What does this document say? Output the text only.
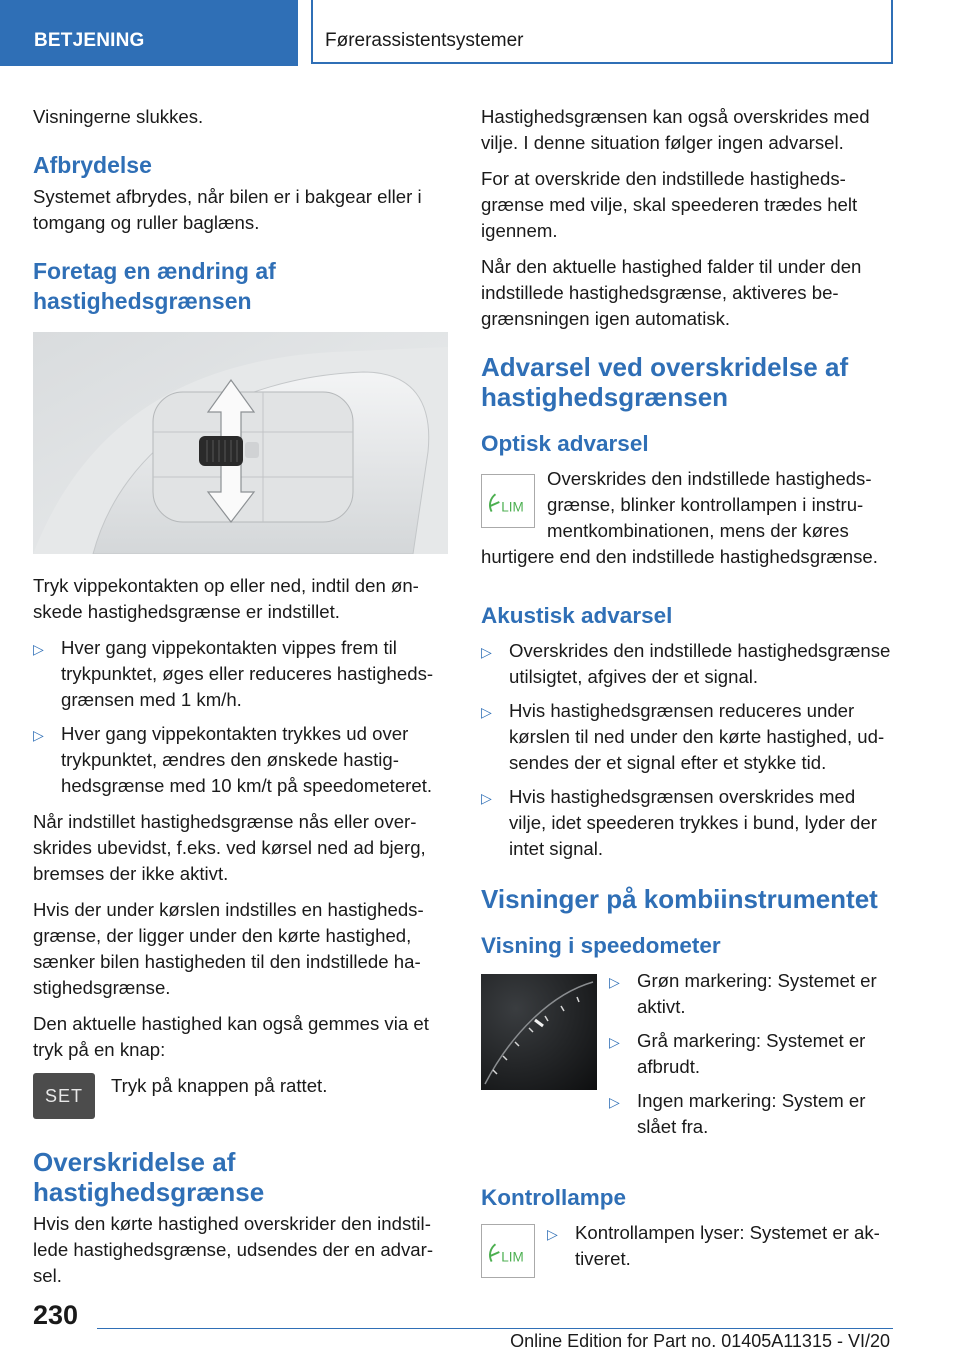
BETJENING	Førerassistentsystemer

Visningerne slukkes.

Afbrydelse

Systemet afbrydes, når bilen er i bakgear eller i tomgang og ruller baglæns.

Foretag en ændring af hastighedsgrænsen

Tryk vippekontakten op eller ned, indtil den ønskede hastighedsgrænse er indstillet.

▷ Hver gang vippekontakten vippes frem til trykpunktet, øges eller reduceres hastighedsgrænsen med 1 km/h.
▷ Hver gang vippekontakten trykkes ud over trykpunktet, ændres den ønskede hastighedsgrænse med 10 km/t på speedometeret.

Når indstillet hastighedsgrænse nås eller overskrides ubevidst, f.eks. ved kørsel ned ad bjerg, bremses der ikke aktivt.

Hvis der under kørslen indstilles en hastighedsgrænse, der ligger under den kørte hastighed, sænker bilen hastigheden til den indstillede hastighedsgrænse.

Den aktuelle hastighed kan også gemmes via et tryk på en knap:

SET	Tryk på knappen på rattet.

Overskridelse af hastighedsgrænse

Hvis den kørte hastighed overskrider den indstillede hastighedsgrænse, udsendes der en advarsel.

Hastighedsgrænsen kan også overskrides med vilje. I denne situation følger ingen advarsel.

For at overskride den indstillede hastighedsgrænse med vilje, skal speederen trædes helt igennem.

Når den aktuelle hastighed falder til under den indstillede hastighedsgrænse, aktiveres begrænsningen igen automatisk.

Advarsel ved overskridelse af hastighedsgrænsen
Optisk advarsel
LIM

Overskrides den indstillede hastighedsgrænse, blinker kontrollampen i instrumentkombinationen, mens der køres hurtigere end den indstillede hastighedsgrænse.

Akustisk advarsel
▷ Overskrides den indstillede hastighedsgrænse utilsigtet, afgives der et signal.
▷ Hvis hastighedsgrænsen reduceres under kørslen til ned under den kørte hastighed, udsendes der et signal efter et stykke tid.
▷ Hvis hastighedsgrænsen overskrides med vilje, idet speederen trykkes i bund, lyder der intet signal.
Visninger på kombiinstrumentet
Visning i speedometer
▷ Grøn markering: Systemet er aktivt.
▷ Grå markering: Systemet er afbrudt.
▷ Ingen markering: System er slået fra.
Kontrollampe
LIM
▷ Kontrollampen lyser: Systemet er aktiveret.
230
Online Edition for Part no. 01405A11315 - VI/20
